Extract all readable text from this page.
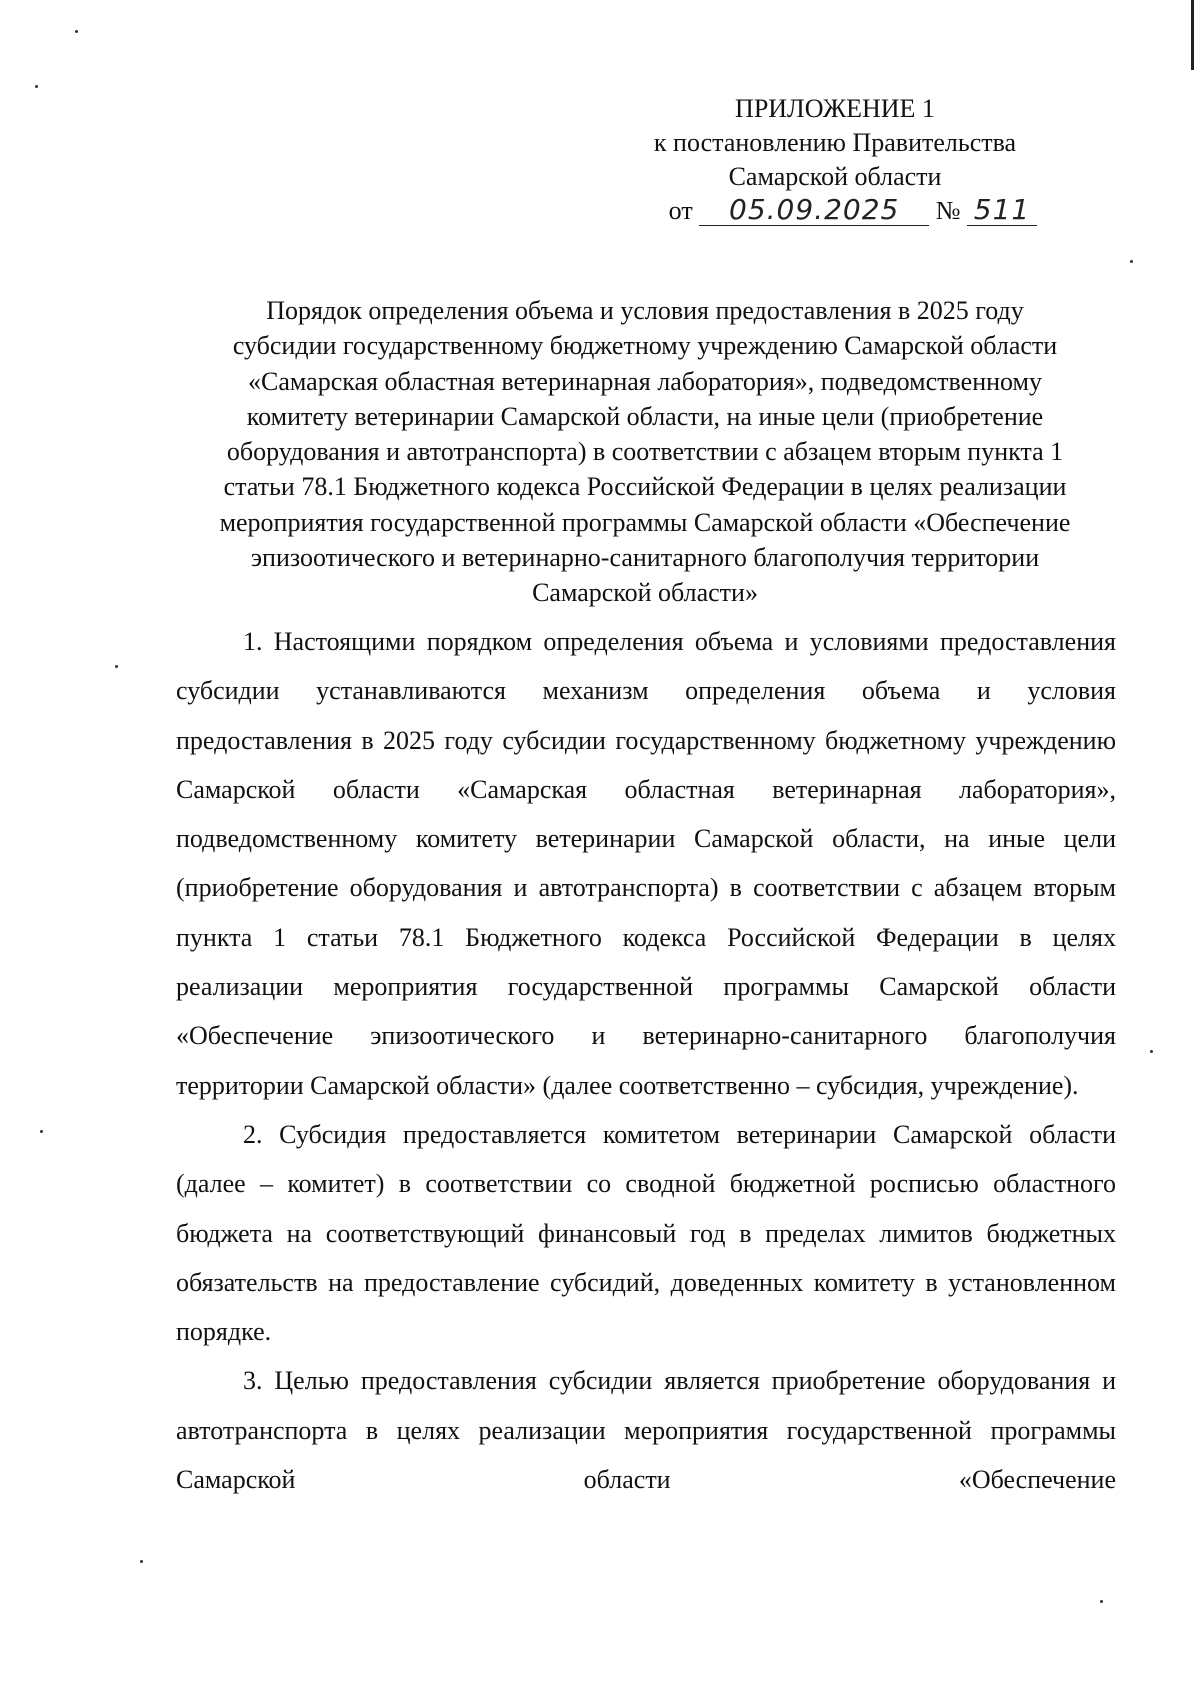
ПРИЛОЖЕНИЕ 1
к постановлению Правительства
Самарской области
от 05.09.2025 № 511
Порядок определения объема и условия предоставления в 2025 году
субсидии государственному бюджетному учреждению Самарской области
«Самарская областная ветеринарная лаборатория», подведомственному
комитету ветеринарии Самарской области, на иные цели (приобретение
оборудования и автотранспорта) в соответствии с абзацем вторым пункта 1
статьи 78.1 Бюджетного кодекса Российской Федерации в целях реализации
мероприятия государственной программы Самарской области «Обеспечение
эпизоотического и ветеринарно-санитарного благополучия территории
Самарской области»

1. Настоящими порядком определения объема и условиями предоставления субсидии устанавливаются механизм определения объема и условия предоставления в 2025 году субсидии государственному бюджетному учреждению Самарской области «Самарская областная ветеринарная лаборатория», подведомственному комитету ветеринарии Самарской области, на иные цели (приобретение оборудования и автотранспорта) в соответствии с абзацем вторым пункта 1 статьи 78.1 Бюджетного кодекса Российской Федерации в целях реализации мероприятия государственной программы Самарской области «Обеспечение эпизоотического и ветеринарно-санитарного благополучия территории Самарской области» (далее соответственно – субсидия, учреждение).

2. Субсидия предоставляется комитетом ветеринарии Самарской области (далее – комитет) в соответствии со сводной бюджетной росписью областного бюджета на соответствующий финансовый год в пределах лимитов бюджетных обязательств на предоставление субсидий, доведенных комитету в установленном порядке.

3. Целью предоставления субсидии является приобретение оборудования и автотранспорта в целях реализации мероприятия государственной программы Самарской области «Обеспечение
